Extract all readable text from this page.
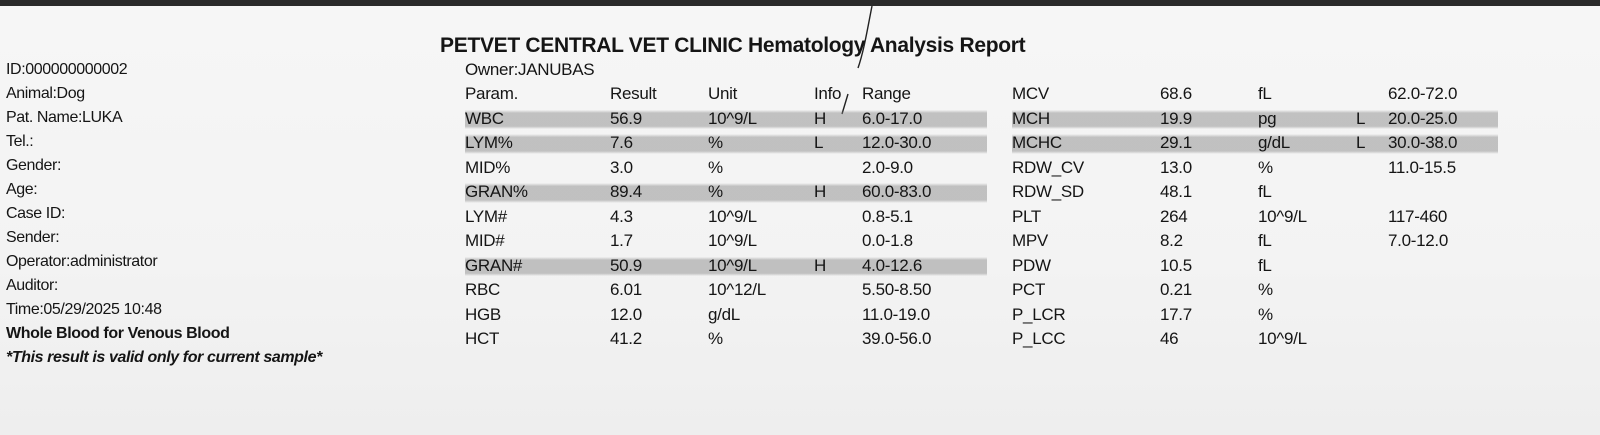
PETVET CENTRAL VET CLINIC Hematology Analysis Report
ID:000000000002
Animal:Dog
Pat. Name:LUKA
Tel.:
Gender:
Age:
Case ID:
Sender:
Operator:administrator
Auditor:
Time:05/29/2025 10:48
Whole Blood for Venous Blood
*This result is valid only for current sample*
Owner:JANUBAS
Param.	Result	Unit	Info	Range
WBC	56.9	10^9/L	H	6.0-17.0
LYM%	7.6	%	L	12.0-30.0
MID%	3.0	%		2.0-9.0
GRAN%	89.4	%	H	60.0-83.0
LYM#	4.3	10^9/L		0.8-5.1
MID#	1.7	10^9/L		0.0-1.8
GRAN#	50.9	10^9/L	H	4.0-12.6
RBC	6.01	10^12/L		5.50-8.50
HGB	12.0	g/dL		11.0-19.0
HCT	41.2	%		39.0-56.0
MCV	68.6	fL		62.0-72.0
MCH	19.9	pg	L	20.0-25.0
MCHC	29.1	g/dL	L	30.0-38.0
RDW_CV	13.0	%		11.0-15.5
RDW_SD	48.1	fL		
PLT	264	10^9/L		117-460
MPV	8.2	fL		7.0-12.0
PDW	10.5	fL		
PCT	0.21	%		
P_LCR	17.7	%		
P_LCC	46	10^9/L		
